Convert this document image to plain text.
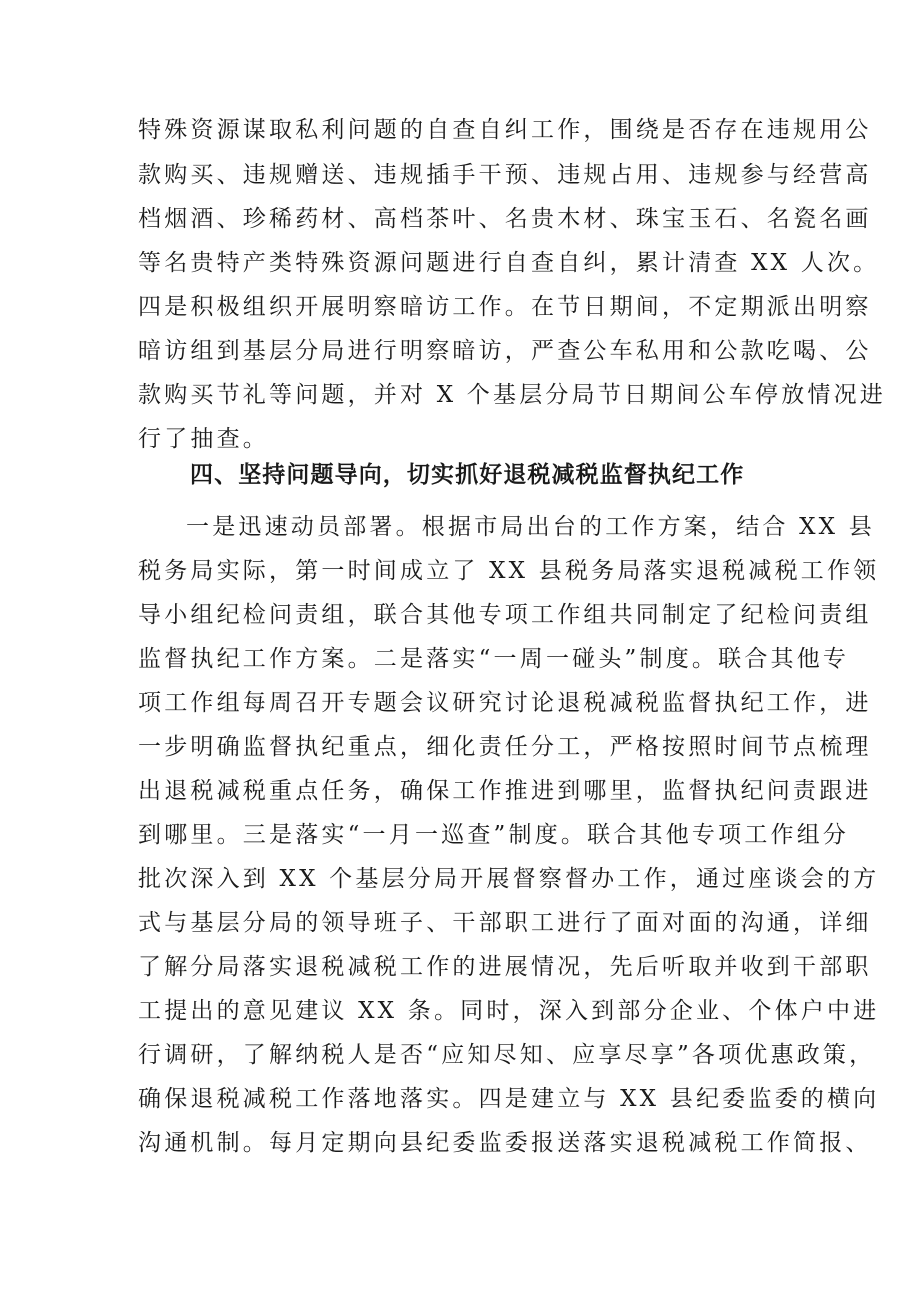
特殊资源谋取私利问题的自查自纠工作，围绕是否存在违规用公
款购买、违规赠送、违规插手干预、违规占用、违规参与经营高
档烟酒、珍稀药材、高档茶叶、名贵木材、珠宝玉石、名瓷名画
等名贵特产类特殊资源问题进行自查自纠，累计清查 XX 人次。
四是积极组织开展明察暗访工作。在节日期间，不定期派出明察
暗访组到基层分局进行明察暗访，严查公车私用和公款吃喝、公
款购买节礼等问题，并对 X 个基层分局节日期间公车停放情况进
行了抽查。
四、坚持问题导向，切实抓好退税减税监督执纪工作
一是迅速动员部署。根据市局出台的工作方案，结合 XX 县
税务局实际，第一时间成立了 XX 县税务局落实退税减税工作领
导小组纪检问责组，联合其他专项工作组共同制定了纪检问责组
监督执纪工作方案。二是落实“一周一碰头”制度。联合其他专
项工作组每周召开专题会议研究讨论退税减税监督执纪工作，进
一步明确监督执纪重点，细化责任分工，严格按照时间节点梳理
出退税减税重点任务，确保工作推进到哪里，监督执纪问责跟进
到哪里。三是落实“一月一巡查”制度。联合其他专项工作组分
批次深入到 XX 个基层分局开展督察督办工作，通过座谈会的方
式与基层分局的领导班子、干部职工进行了面对面的沟通，详细
了解分局落实退税减税工作的进展情况，先后听取并收到干部职
工提出的意见建议 XX 条。同时，深入到部分企业、个体户中进
行调研，了解纳税人是否“应知尽知、应享尽享”各项优惠政策，
确保退税减税工作落地落实。四是建立与 XX 县纪委监委的横向
沟通机制。每月定期向县纪委监委报送落实退税减税工作简报、
